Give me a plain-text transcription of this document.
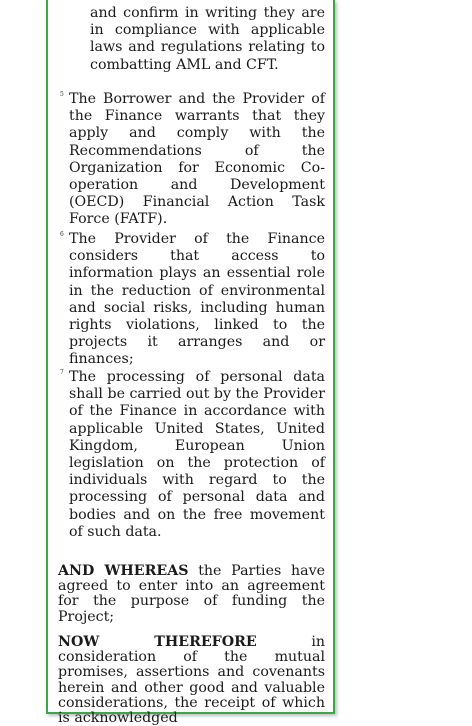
and confirm in writing they are in compliance with applicable laws and regulations relating to combatting AML and CFT.

5 The Borrower and the Provider of the Finance warrants that they apply and comply with the Recommendations of the Organization for Economic Co-operation and Development (OECD) Financial Action Task Force (FATF).

6 The Provider of the Finance considers that access to information plays an essential role in the reduction of environmental and social risks, including human rights violations, linked to the projects it arranges and or finances;

7 The processing of personal data shall be carried out by the Provider of the Finance in accordance with applicable United States, United Kingdom, European Union legislation on the protection of individuals with regard to the processing of personal data and bodies and on the free movement of such data.

AND WHEREAS the Parties have agreed to enter into an agreement for the purpose of funding the Project;

NOW THEREFORE in consideration of the mutual promises, assertions and covenants herein and other good and valuable considerations, the receipt of which is acknowledged
